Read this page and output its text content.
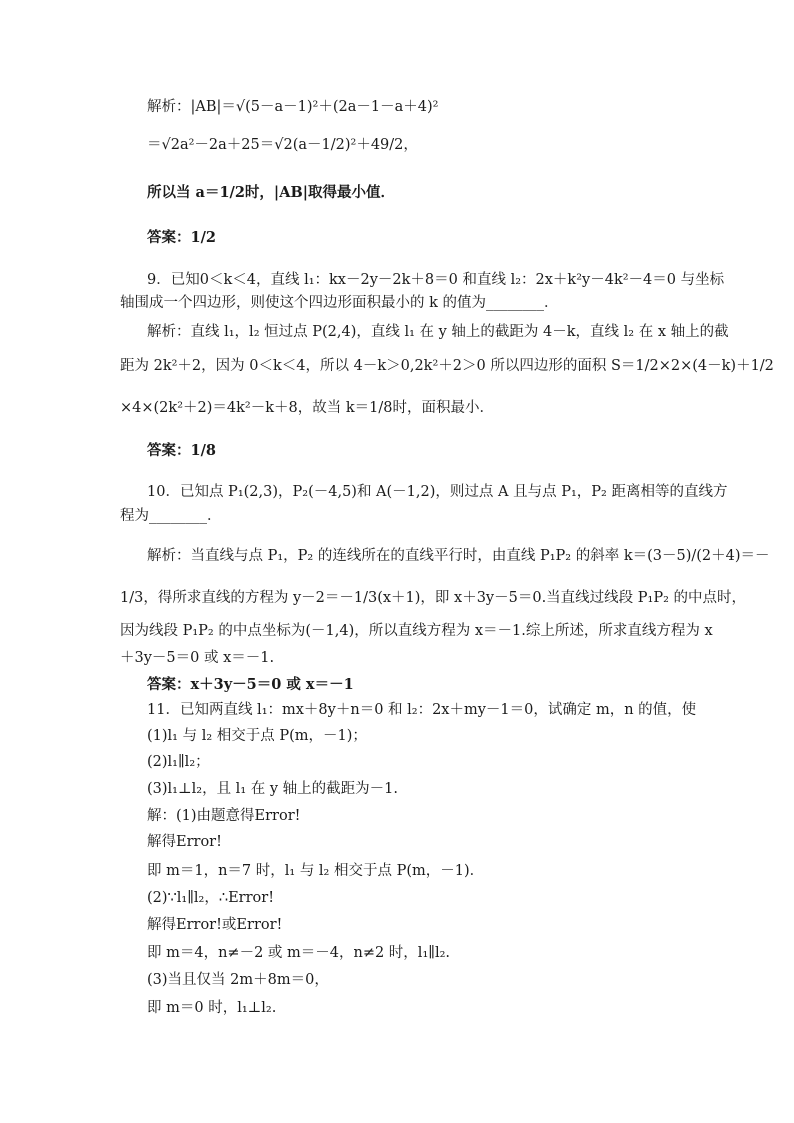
解析：|AB|＝√(5－a－1)²＋(2a－1－a＋4)²
＝√2a²－2a＋25＝√2(a－1/2)²＋49/2，
所以当 a＝1/2时，|AB|取得最小值．
答案：1/2
9．已知0＜k＜4，直线 l₁：kx－2y－2k＋8＝0 和直线 l₂：2x＋k²y－4k²－4＝0 与坐标
轴围成一个四边形，则使这个四边形面积最小的 k 的值为________．
解析：直线 l₁，l₂ 恒过点 P(2,4)，直线 l₁ 在 y 轴上的截距为 4－k，直线 l₂ 在 x 轴上的截
距为 2k²＋2，因为 0＜k＜4，所以 4－k＞0,2k²＋2＞0 所以四边形的面积 S＝1/2×2×(4－k)＋1/2
×4×(2k²＋2)＝4k²－k＋8，故当 k＝1/8时，面积最小．
答案：1/8
10．已知点 P₁(2,3)，P₂(－4,5)和 A(－1,2)，则过点 A 且与点 P₁，P₂ 距离相等的直线方
程为________．
解析：当直线与点 P₁，P₂ 的连线所在的直线平行时，由直线 P₁P₂ 的斜率 k＝(3－5)/(2＋4)＝－
1/3，得所求直线的方程为 y－2＝－1/3(x＋1)，即 x＋3y－5＝0.当直线过线段 P₁P₂ 的中点时，
因为线段 P₁P₂ 的中点坐标为(－1,4)，所以直线方程为 x＝－1.综上所述，所求直线方程为 x
＋3y－5＝0 或 x＝－1.
答案：x＋3y－5＝0 或 x＝－1
11．已知两直线 l₁：mx＋8y＋n＝0 和 l₂：2x＋my－1＝0，试确定 m，n 的值，使
(1)l₁ 与 l₂ 相交于点 P(m，－1)；
(2)l₁∥l₂；
(3)l₁⊥l₂，且 l₁ 在 y 轴上的截距为－1.
解：(1)由题意得Error!
解得Error!
即 m＝1，n＝7 时，l₁ 与 l₂ 相交于点 P(m，－1)．
(2)∵l₁∥l₂，∴Error!
解得Error!或Error!
即 m＝4，n≠－2 或 m＝－4，n≠2 时，l₁∥l₂.
(3)当且仅当 2m＋8m＝0，
即 m＝0 时，l₁⊥l₂.
